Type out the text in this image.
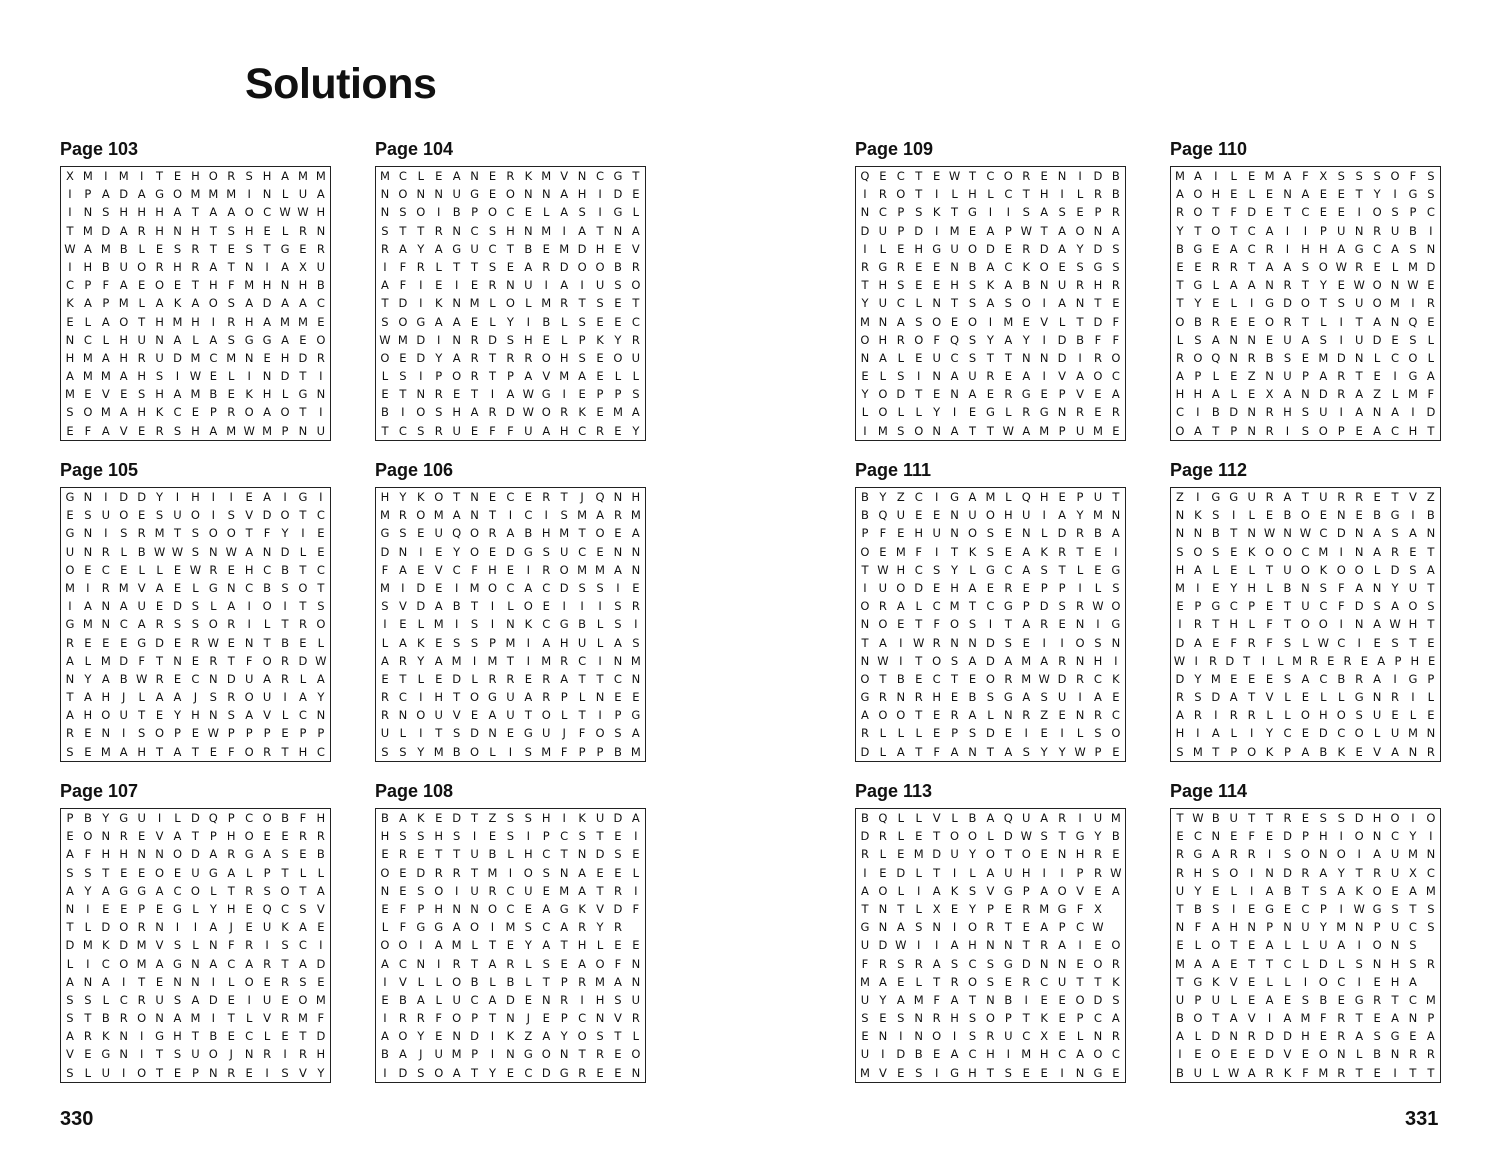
Solutions
Page 103
X M I M I	T E H O R S H A M M
I	P A D A G O M M M I	N L U A
I	N S H H H A T A A O C W W H
T M D A R H N H T S H E L R N
W A M B L E S R T E S T G E R
I	H B U O R H R A T N	I	A X U
C P F A E O E T H F M H N H B
K A P M L A K A O S A D A A C
E L A O T H M H	I	R H A M M E
N C L H U N A L A S G G A E O
H M A H R U D M C M N E H D R
A M M A H S	I W E L	I	N D T	I
M E V E S H A M B E K H L G N
S O M A H K C E P R O A O T	I
E F A V E R S H A M W M P N U
Page 104
M C L E A N E R K M V N C G T
N O N N U G E O N N A H	I	D E
N S O	I	B P O C E L A S	I	G L
S T T R N C S H N M I	A T N A
R A Y A G U C T B E M D H E V
I	F R L T T S E A R D O O B R
A F	I	E	I	E R N U	I	A	I	U S O
T D	I	K N M L O L M R T S E T
S O G A A E L Y	I	B L S E E C
W M D	I	N R D S H E L P K Y R
O E D Y A R T R R O H S E O U
L S	I	P O R T P A V M A E L	L
E T N R E T	I	A W G	I	E P P S
B	I	O S H A R D W O R K E M A
T C S R U E F F U A H C R E Y
Page 105
G N	I	D D Y	I	H	I	I	E A	I	G	I
E S U O E S U O	I	S V D O T C
G N	I	S R M T S O O T F Y	I	E
U N R L B W W S N W A N D L E
O E C E L	L E W R E H C B T C
M I	R M V A E L G N C B S O T
I	A N A U E D S L A	I	O	I	T S
G M N C A R S S O R	I	L T R O
R E E E G D E R W E N T B E L
A L M D F T N E R T F O R D W
N Y A B W R E C N D U A R L A
T A H	J	L A A	J	S R O U	I	A Y
A H O U T E Y H N S A V L C N
R E N	I	S O P E W P P P E P P
S E M A H T A T E F O R T H C
Page 106
H Y K O T N E C E R T	J	Q N H
M R O M A N T	I	C	I	S M A R M
G S E U Q O R A B H M T O E A
D N	I	E Y O E D G S U C E N N
F A E V C F H E	I	R O M M A N
M I	D E	I M O C A C D S S	I	E
S V D A B T	I	L O E	I	I	I	S R
I	E L M I	S	I	N K C G B L S	I
L A K E S S P M I	A H U L A S
A R Y A M I M T	I M R C	I	N M
E T L E D L R R E R A T T C N
R C	I	H T O G U A R P L N E E
R N O U V E A U T O L T	I	P G
U L	I	T S D N E G U	J	F O S A
S S Y M B O L	I	S M F P P B M
Page 107
P B Y G U	I	L D Q P C O B F H
E O N R E V A T P H O E E R R
A F H H N N O D A R G A S E B
S S T E E O E U G A L P T L	L
A Y A G G A C O L T R S O T A
N	I	E E P E G L Y H E Q C S V
T L D O R N	I	I	A	J	E U K A E
D M K D M V S L N F R	I	S C	I
L	I	C O M A G N A C A R T A D
A N A	I	T E N N	I	L O E R S E
S S L C R U S A D E	I	U E O M
S T B R O N A M I	T L V R M F
A R K N	I	G H T B E C L E T D
V E G N	I	T S U O	J	N R	I	R H
S L U	I	O T E P N R E	I	S V Y
Page 108
B A K E D T Z S S H	I	K U D A
H S S H S	I	E S	I	P C S T E	I
E R E T T U B L H C T N D S E
O E D R R T M I	O S N A E E L
N E S O	I	U R C U E M A T R	I
E F P H N N O C E A G K V D F
L F G G A O	I M S C A R Y R
O O	I	A M L T E Y A T H L E E
A C N	I	R T A R L S E A O F N
I	V L	L O B L B L T P R M A N
E B A L U C A D E N R	I	H S U
I	R R F O P T N	J	E P C N V R
A O Y E N D	I	K Z A Y O S T L
B A	J	U M P	I	N G O N T R E O
I	D S O A T Y E C D G R E E N
Page 109
Q E C T E W T C O R E N	I	D B
I	R O T	I	L H L C T H	I	L R B
N C P S K T G	I	I	S A S E P R
D U P D	I M E A P W T A O N A
I	L E H G U O D E R D A Y D S
R G R E E N B A C K O E S G S
T H S E E H S K A B N U R H R
Y U C L N T S A S O	I	A N T E
M N A S O E O	I M E V L T D F
O H R O F Q S Y A Y	I	D B F F
N A L E U C S T T N N D	I	R O
E L S	I	N A U R E A	I	V A O C
Y O D T E N A E R G E P V E A
L O L	L Y	I	E G L R G N R E R
I M S O N A T T W A M P U M E
Page 110
M A	I	L E M A F X S S S O F S
A O H E L E N A E E T Y	I	G S
R O T F D E T C E E	I	O S P C
Y T O T C A	I	I	P U N R U B	I
B G E A C R	I	H H A G C A S N
E E R R T A A S O W R E L M D
T G L A A N R T Y E W O N W E
T Y E L	I	G D O T S U O M I	R
O B R E E O R T L	I	T A N Q E
L S A N N E U A S	I	U D E S L
R O Q N R B S E M D N L C O L
A P L E Z N U P A R T E	I	G A
H H A L E X A N D R A Z L M F
C	I	B D N R H S U	I	A N A	I	D
O A T P N R	I	S O P E A C H T
Page 111
B Y Z C	I	G A M L Q H E P U T
B Q U E E N U O H U	I	A Y M N
P F E H U N O S E N L D R B A
O E M F	I	T K S E A K R T E	I
T W H C S Y L G C A S T L E G
I	U O D E H A E R E P P	I	L S
O R A L C M T C G P D S R W O
N O E T F O S	I	T A R E N	I	G
T A	I W R N N D S E	I	I	O S N
N W I	T O S A D A M A R N H	I
O T B E C T E O R M W D R C K
G R N R H E B S G A S U	I	A E
A O O T E R A L N R Z E N R C
R L	L	L E P S D E	I	E	I	L S O
D L A T F A N T A S Y Y W P E
Page 112
Z	I	G G U R A T U R R E T V Z
N K S	I	L E B O E N E B G	I	B
N N B T N W N W C D N A S A N
S O S E K O O C M I	N A R E T
H A L E L T U O K O O L D S A
M I	E Y H L B N S F A N Y U T
E P G C P E T U C F D S A O S
I	R T H L F T O O	I	N A W H T
D A E F R F S L W C	I	E S T E
W I R D T	I	L M R E R E A P H E
D Y M E E E S A C B R A	I	G P
R S D A T V L E L	L G N R	I	L
A R	I	R R L	L O H O S U E L E
H	I	A L	I	Y C E D C O L U M N
S M T P O K P A B K E V A N R
Page 113
B Q L	L V L B A Q U A R	I	U M
D R L E T O O L D W S T G Y B
R L E M D U Y O T O E N H R E
I	E D L T	I	L A U H	I	I	P R W
A O L	I	A K S V G P A O V E A
T N T L X E Y P E R M G F X
G N A S N	I	O R T E A P C W
U D W I	I	A H N N T R A	I	E O
F R S R A S C S G D N N E O R
M A E L T R O S E R C U T T K
U Y A M F A T N B	I	E E O D S
S E S N R H S O P T K E P C A
E N	I	N O	I	S R U C X E L N R
U	I	D B E A C H	I M H C A O C
M V E S	I	G H T S E E	I	N G E
Page 114
T W B U T T R E S S D H O	I	O
E C N E F E D P H	I	O N C Y	I
R G A R R	I	S O N O	I	A U M N
R H S O	I	N D R A Y T R U X C
U Y E L	I	A B T S A K O E A M
T B S	I	E G E C P	I W G S T S
N F A H N P N U Y M N P U C S
E L O T E A L	L U A	I	O N S
M A A E T T C L D L S N H S R
T G K V E L	L	I	O C	I	E H A
U P U L E A E S B E G R T C M
B O T A V	I	A M F R T E A N P
A L D N R D D H E R A S G E A
I	E O E E D V E O N L B N R R
B U L W A R K F M R T E	I	T T
330	331
